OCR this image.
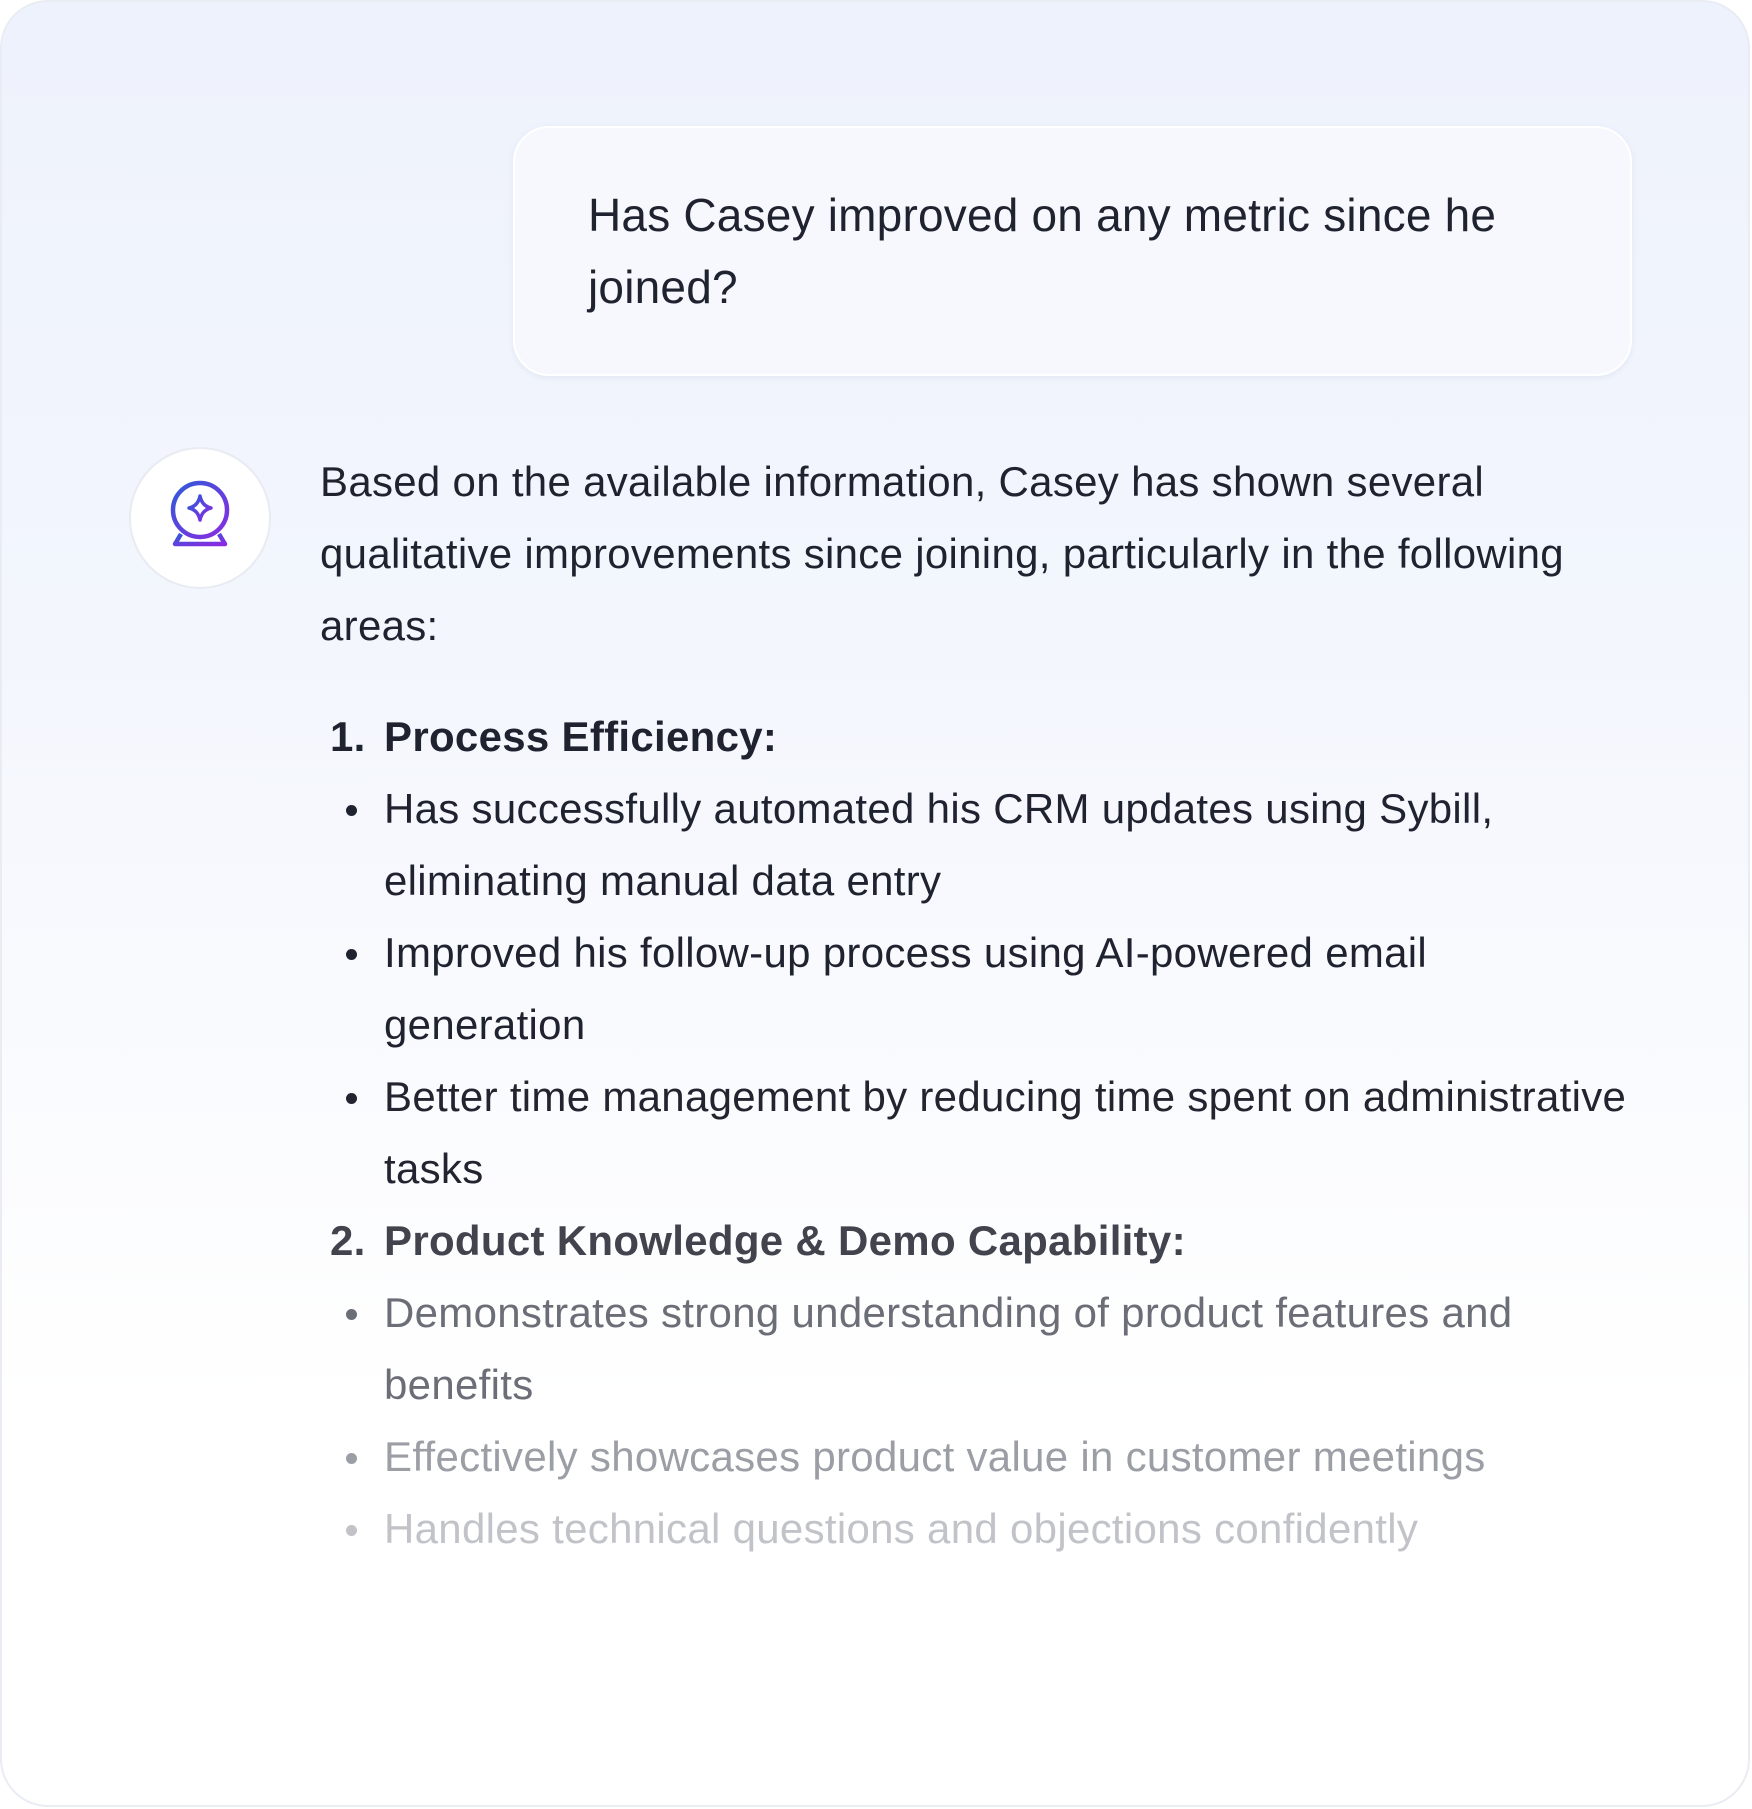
Has Casey improved on any metric since he joined?

Based on the available information, Casey has shown several qualitative improvements since joining, particularly in the following areas:

1. Process Efficiency:
Has successfully automated his CRM updates using Sybill, eliminating manual data entry
Improved his follow-up process using AI-powered email generation
Better time management by reducing time spent on administrative tasks
2. Product Knowledge & Demo Capability:
Demonstrates strong understanding of product features and benefits
Effectively showcases product value in customer meetings
Handles technical questions and objections confidently
